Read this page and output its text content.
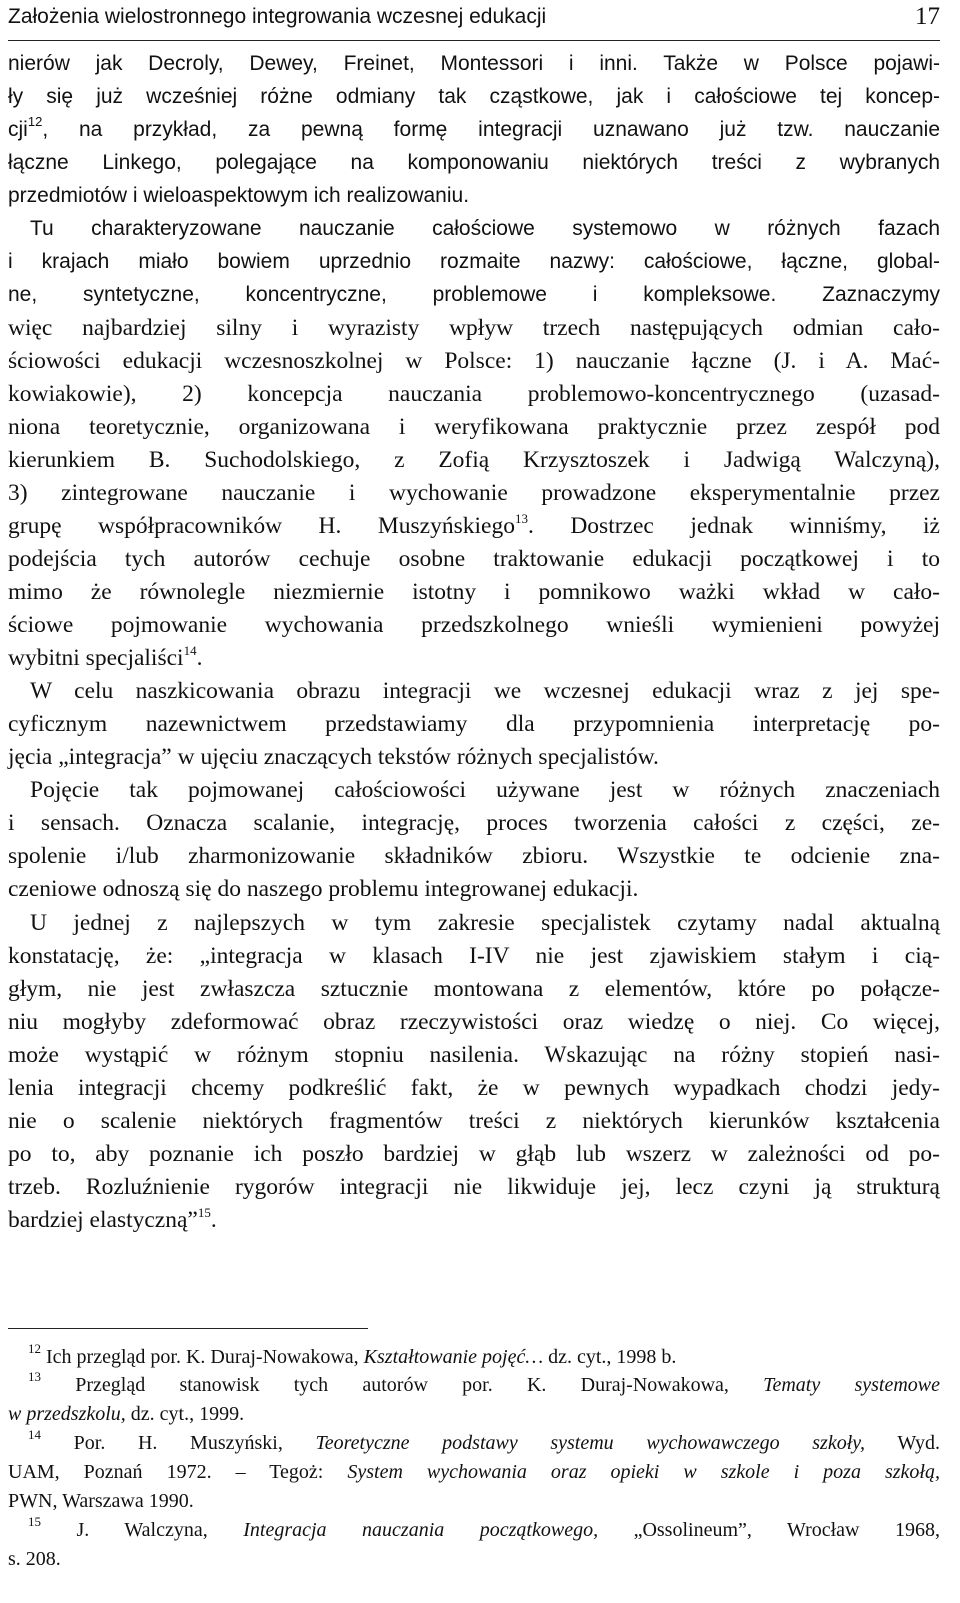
Założenia wielostronnego integrowania wczesnej edukacji	17
nierów jak Decroly, Dewey, Freinet, Montessori i inni. Także w Polsce pojawi-
ły się już wcześniej różne odmiany tak cząstkowe, jak i całościowe tej koncep-
cji$^{12}$, na przykład, za pewną formę integracji uznawano już tzw. nauczanie
łączne Linkego, polegające na komponowaniu niektórych treści z wybranych
przedmiotów i wieloaspektowym ich realizowaniu.
Tu charakteryzowane nauczanie całościowe systemowo w różnych fazach
i krajach miało bowiem uprzednio rozmaite nazwy: całościowe, łączne, global-
ne, syntetyczne, koncentryczne, problemowe i kompleksowe. Zaznaczymy
więc najbardziej silny i wyrazisty wpływ trzech następujących odmian cało-
ściowości edukacji wczesnoszkolnej w Polsce: 1) nauczanie łączne (J. i A. Mać-
kowiakowie), 2) koncepcja nauczania problemowo-koncentrycznego (uzasad-
niona teoretycznie, organizowana i weryfikowana praktycznie przez zespół pod
kierunkiem B. Suchodolskiego, z Zofią Krzysztoszek i Jadwigą Walczyną),
3) zintegrowane nauczanie i wychowanie prowadzone eksperymentalnie przez
grupę współpracowników H. Muszyńskiego$^{13}$. Dostrzec jednak winniśmy, iż
podejścia tych autorów cechuje osobne traktowanie edukacji początkowej i to
mimo że równolegle niezmiernie istotny i pomnikowo ważki wkład w cało-
ściowe pojmowanie wychowania przedszkolnego wnieśli wymienieni powyżej
wybitni specjaliści$^{14}$.
W celu naszkicowania obrazu integracji we wczesnej edukacji wraz z jej spe-
cyficznym nazewnictwem przedstawiamy dla przypomnienia interpretację po-
jęcia „integracja” w ujęciu znaczących tekstów różnych specjalistów.
Pojęcie tak pojmowanej całościowości używane jest w różnych znaczeniach
i sensach. Oznacza scalanie, integrację, proces tworzenia całości z części, ze-
spolenie i/lub zharmonizowanie składników zbioru. Wszystkie te odcienie zna-
czeniowe odnoszą się do naszego problemu integrowanej edukacji.
U jednej z najlepszych w tym zakresie specjalistek czytamy nadal aktualną
konstatację, że: „integracja w klasach I-IV nie jest zjawiskiem stałym i cią-
głym, nie jest zwłaszcza sztucznie montowana z elementów, które po połącze-
niu mogłyby zdeformować obraz rzeczywistości oraz wiedzę o niej. Co więcej,
może wystąpić w różnym stopniu nasilenia. Wskazując na różny stopień nasi-
lenia integracji chcemy podkreślić fakt, że w pewnych wypadkach chodzi jedy-
nie o scalenie niektórych fragmentów treści z niektórych kierunków kształcenia
po to, aby poznanie ich poszło bardziej w głąb lub wszerz w zależności od po-
trzeb. Rozluźnienie rygorów integracji nie likwiduje jej, lecz czyni ją strukturą
bardziej elastyczną”$^{15}$.
$^{12}$ Ich przegląd por. K. Duraj-Nowakowa, Kształtowanie pojęć… dz. cyt., 1998 b.
$^{13}$ Przegląd stanowisk tych autorów por. K. Duraj-Nowakowa, Tematy systemowe
w przedszkolu, dz. cyt., 1999.
$^{14}$ Por. H. Muszyński, Teoretyczne podstawy systemu wychowawczego szkoły, Wyd.
UAM, Poznań 1972. – Tegoż: System wychowania oraz opieki w szkole i poza szkołą,
PWN, Warszawa 1990.
$^{15}$ J. Walczyna, Integracja nauczania początkowego, „Ossolineum”, Wrocław 1968,
s. 208.
